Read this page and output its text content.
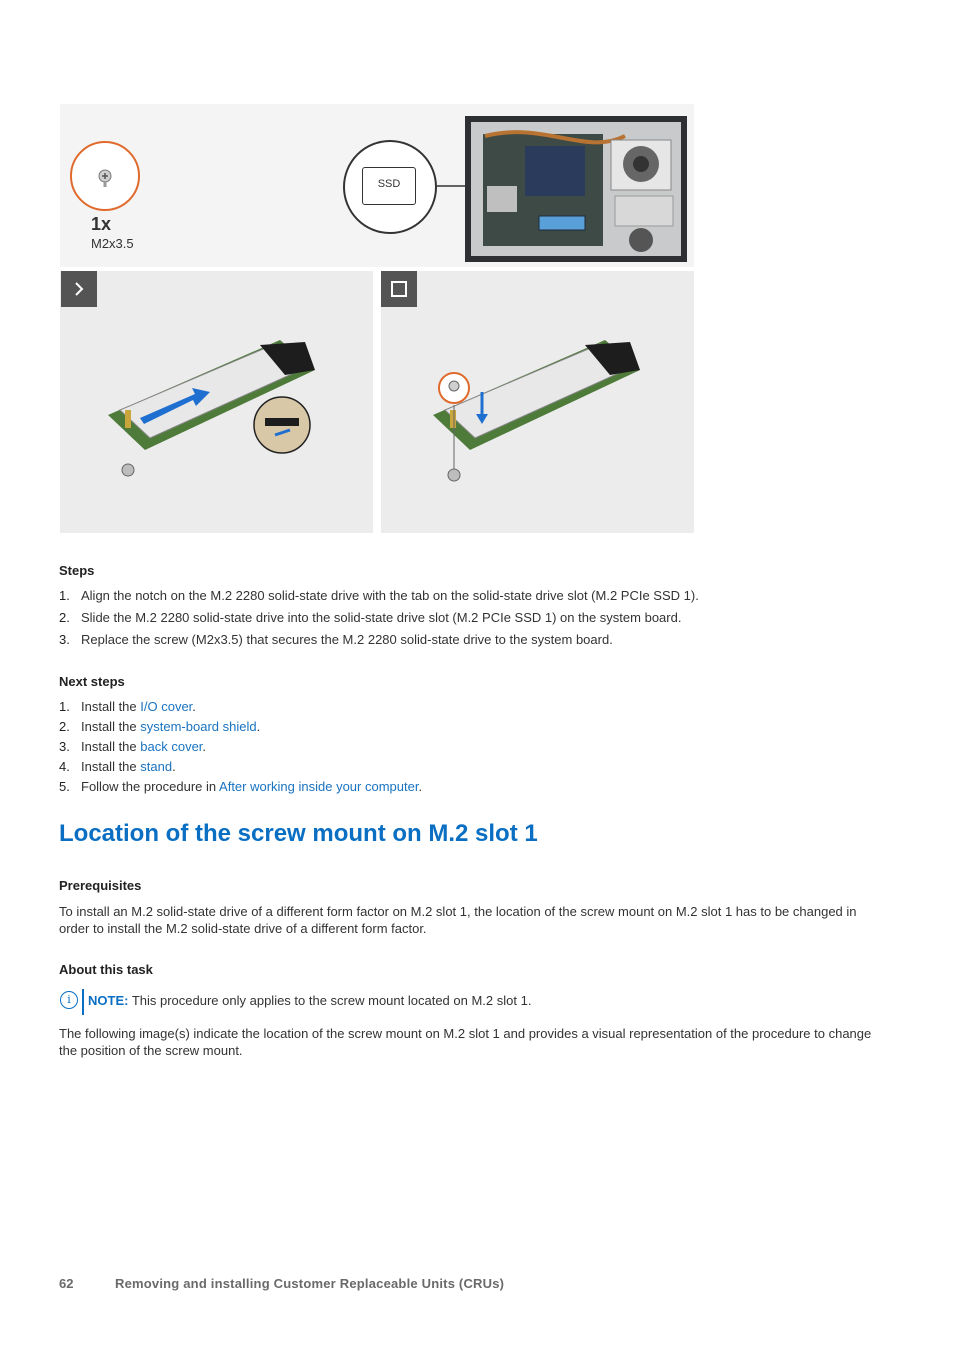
1x
M2x3.5
SSD
Steps
1. Align the notch on the M.2 2280 solid-state drive with the tab on the solid-state drive slot (M.2 PCIe SSD 1).
2. Slide the M.2 2280 solid-state drive into the solid-state drive slot (M.2 PCIe SSD 1) on the system board.
3. Replace the screw (M2x3.5) that secures the M.2 2280 solid-state drive to the system board.
Next steps
1. Install the I/O cover.
2. Install the system-board shield.
3. Install the back cover.
4. Install the stand.
5. Follow the procedure in After working inside your computer.
Location of the screw mount on M.2 slot 1
Prerequisites

To install an M.2 solid-state drive of a different form factor on M.2 slot 1, the location of the screw mount on M.2 slot 1 has to be changed in order to install the M.2 solid-state drive of a different form factor.

About this task
i	NOTE: This procedure only applies to the screw mount located on M.2 slot 1.

The following image(s) indicate the location of the screw mount on M.2 slot 1 and provides a visual representation of the procedure to change the position of the screw mount.

62	Removing and installing Customer Replaceable Units (CRUs)
